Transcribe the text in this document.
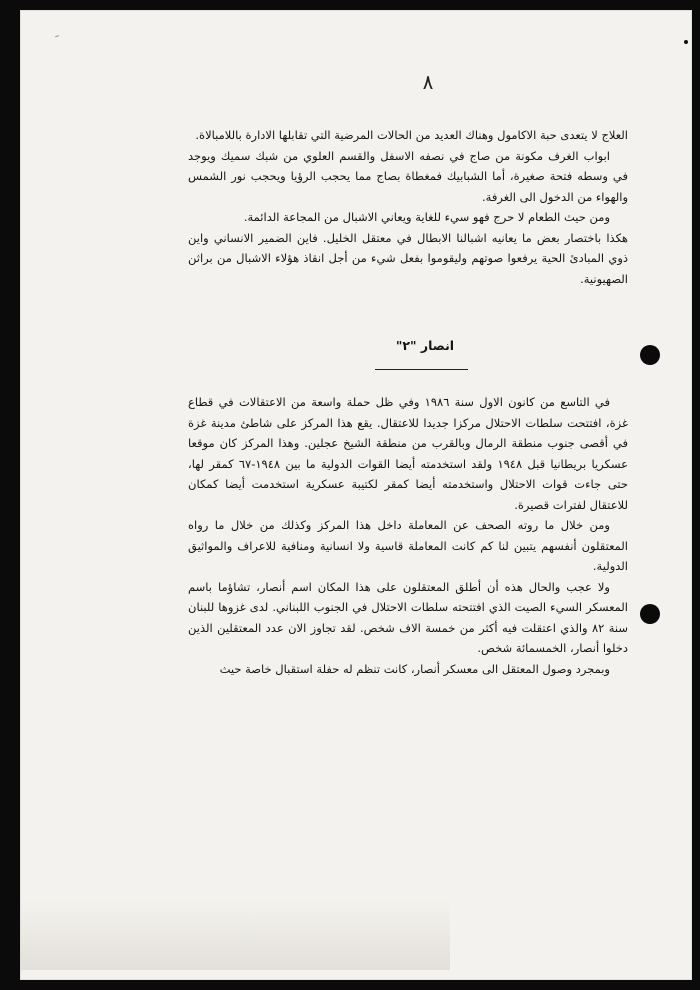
ـ
٨

العلاج لا يتعدى حبة الاكامول وهناك العديد من الحالات المرضية التي تقابلها الادارة باللامبالاة.

ابواب الغرف مكونة من صاج في نصفه الاسفل والقسم العلوي من شبك سميك ويوجد في وسطه فتحة صغيرة، أما الشبابيك فمغطاة بصاج مما يحجب الرؤيا ويحجب نور الشمس والهواء من الدخول الى الغرفة.

ومن حيث الطعام لا حرج فهو سيء للغاية ويعاني الاشبال من المجاعة الدائمة.

هكذا باختصار بعض ما يعانيه اشبالنا الابطال في معتقل الخليل. فاين الضمير الانساني واين ذوي المبادئ الحية يرفعوا صوتهم وليقوموا بفعل شيء من أجل انقاذ هؤلاء الاشبال من براثن الصهيونية.

انصار "٢"

في التاسع من كانون الاول سنة ١٩٨٦ وفي ظل حملة واسعة من الاعتقالات في قطاع غزة، افتتحت سلطات الاحتلال مركزا جديدا للاعتقال. يقع هذا المركز على شاطئ مدينة غزة في أقصى جنوب منطقة الرمال وبالقرب من منطقة الشيخ عجلين. وهذا المركز كان موقعا عسكريا بريطانيا قبل ١٩٤٨ ولقد استخدمته أيضا القوات الدولية ما بين ١٩٤٨-٦٧ كمقر لها، حتى جاءت قوات الاحتلال واستخدمته أيضا كمقر لكتيبة عسكرية استخدمت أيضا كمكان للاعتقال لفترات قصيرة.

ومن خلال ما روته الصحف عن المعاملة داخل هذا المركز وكذلك من خلال ما رواه المعتقلون أنفسهم يتبين لنا كم كانت المعاملة قاسية ولا انسانية ومنافية للاعراف والمواثيق الدولية.

ولا عجب والحال هذه أن أطلق المعتقلون على هذا المكان اسم أنصار، تشاؤما باسم المعسكر السيء الصيت الذي افتتحته سلطات الاحتلال في الجنوب اللبناني. لدى غزوها للبنان سنة ٨٢ والذي اعتقلت فيه أكثر من خمسة الاف شخص. لقد تجاوز الان عدد المعتقلين الذين دخلوا أنصار، الخمسمائة شخص.

وبمجرد وصول المعتقل الى معسكر أنصار، كانت تنظم له حفلة استقبال خاصة حيث
